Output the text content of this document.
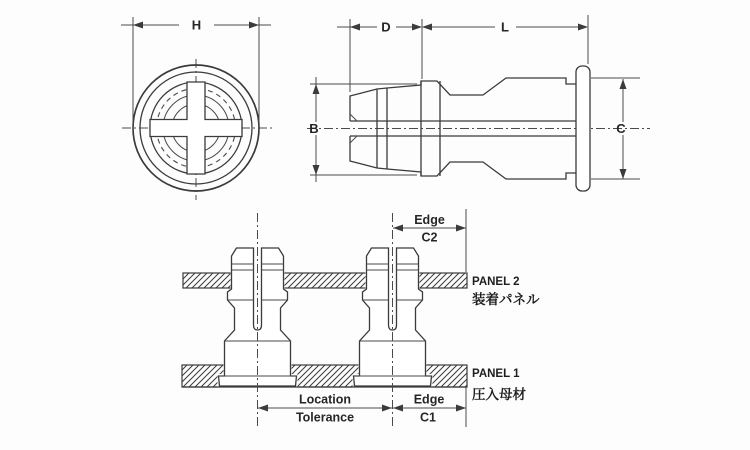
H	D	L
B	C
Edge
C2
Location
Tolerance
Edge
C1
PANEL 2
装着パネル
PANEL 1
圧入母材
